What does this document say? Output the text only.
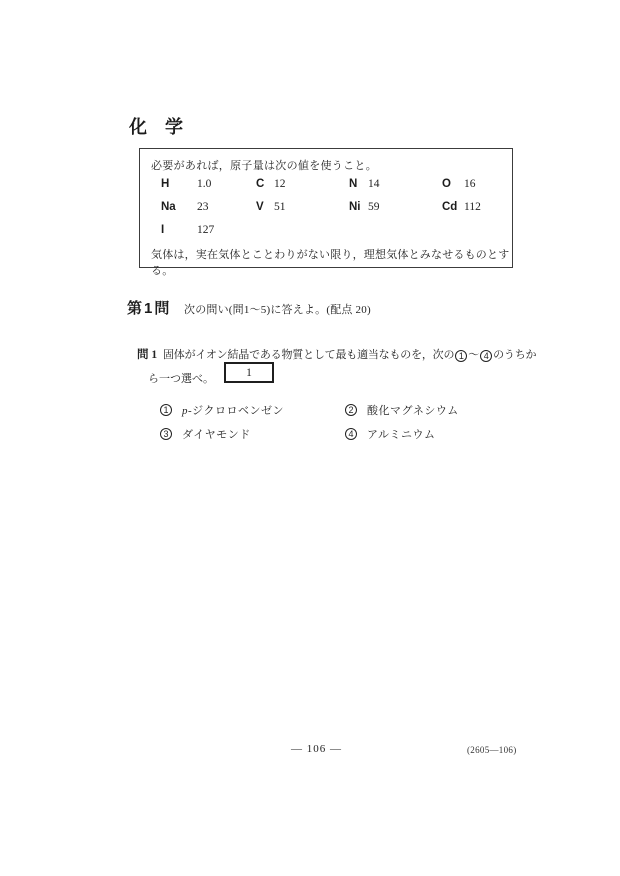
化　学
必要があれば，原子量は次の値を使うこと。
H 1.0	C 12	N 14	O 16
Na 23	V 51	Ni 59	Cd 112
I	127
気体は，実在気体とことわりがない限り，理想気体とみなせるものとする。
第1問 次の問い(問1～5)に答えよ。(配点 20)
問 1 固体がイオン結晶である物質として最も適当なものを，次の 1 ～ 4 のうちか
ら一つ選べ。
1
1	p-ジクロロベンゼン	2	酸化マグネシウム
3	ダイヤモンド	4	アルミニウム
— 106 —	(2605—106)
